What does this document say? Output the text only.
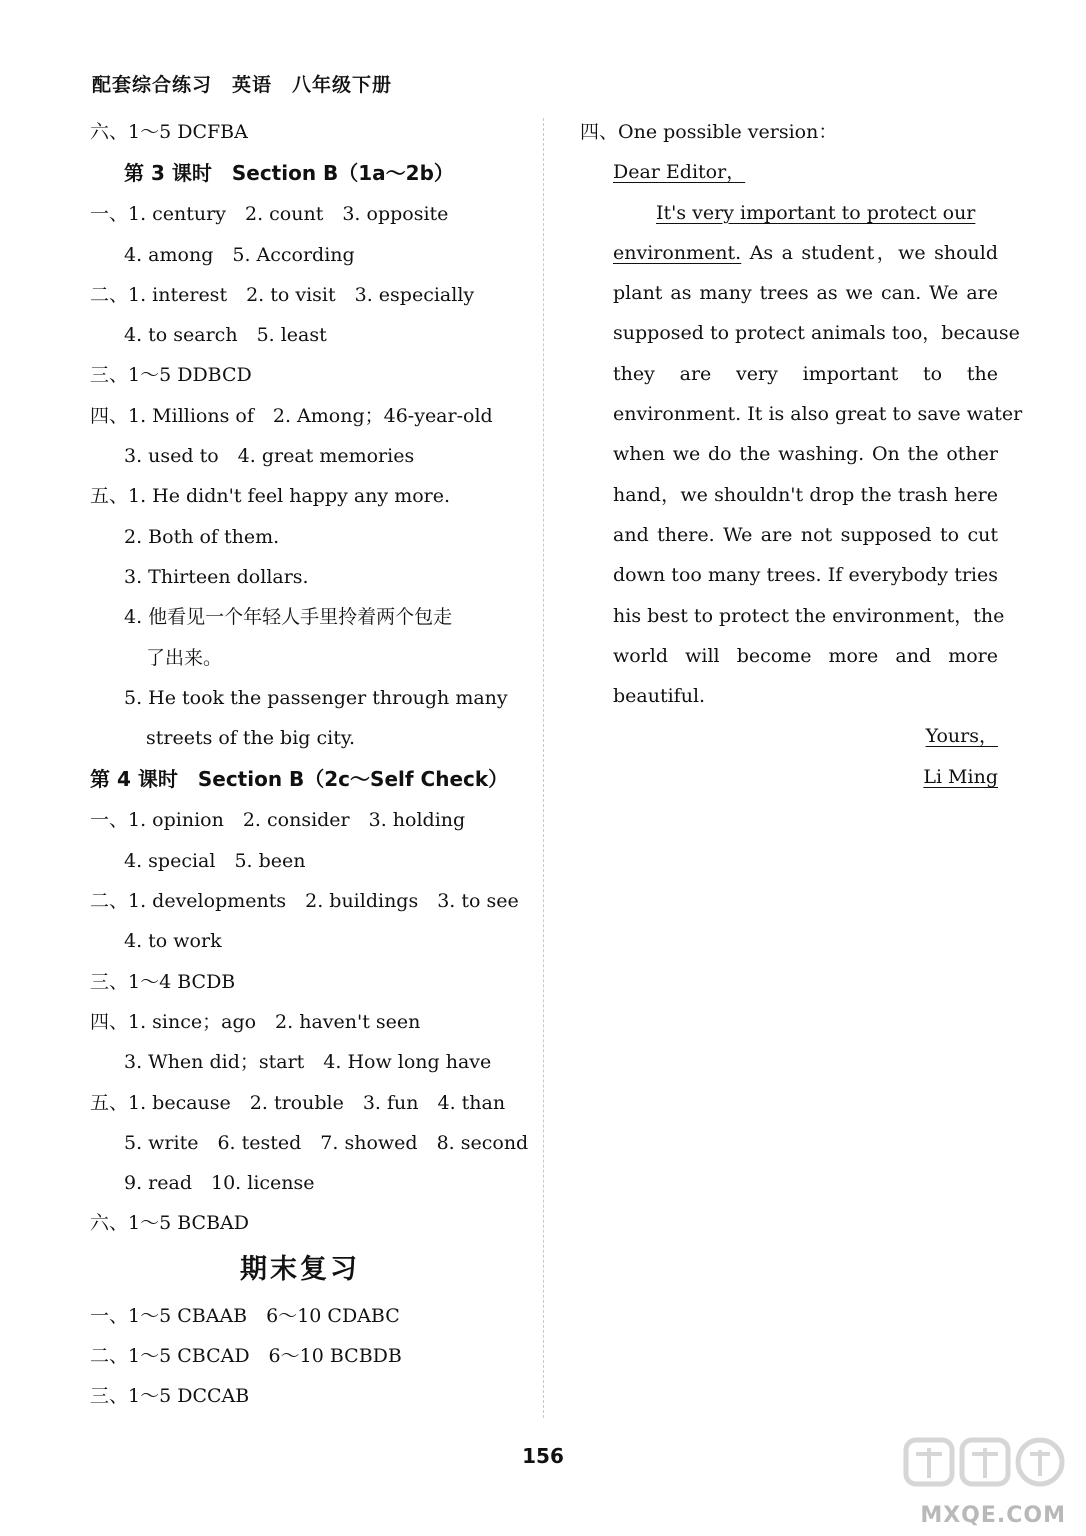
配套综合练习　英语　八年级下册
六、1～5 DCFBA
第 3 课时 Section B（1a～2b）
一、1. century　2. count　3. opposite
4. among　5. According
二、1. interest　2. to visit　3. especially
4. to search　5. least
三、1～5 DDBCD
四、1. Millions of　2. Among；46-year-old
3. used to　4. great memories
五、1. He didn't feel happy any more.
2. Both of them.
3. Thirteen dollars.
4. 他看见一个年轻人手里拎着两个包走
了出来。
5. He took the passenger through many
streets of the big city.
第 4 课时 Section B（2c～Self Check）
一、1. opinion　2. consider　3. holding
4. special　5. been
二、1. developments　2. buildings　3. to see
4. to work
三、1～4 BCDB
四、1. since；ago　2. haven't seen
3. When did；start　4. How long have
五、1. because　2. trouble　3. fun　4. than
5. write　6. tested　7. showed　8. second
9. read　10. license
六、1～5 BCBAD
期末复习
一、1～5 CBAAB　6～10 CDABC
二、1～5 CBCAD　6～10 BCBDB
三、1～5 DCCAB
四、One possible version：
Dear Editor，
It's very important to protect our
environment. As a student，we should
plant as many trees as we can. We are
supposed to protect animals too，because
they are very important to the
environment. It is also great to save water
when we do the washing. On the other
hand，we shouldn't drop the trash here
and there. We are not supposed to cut
down too many trees. If everybody tries
his best to protect the environment，the
world will become more and more
beautiful.
Yours，
Li Ming
156
MXQE.COM
